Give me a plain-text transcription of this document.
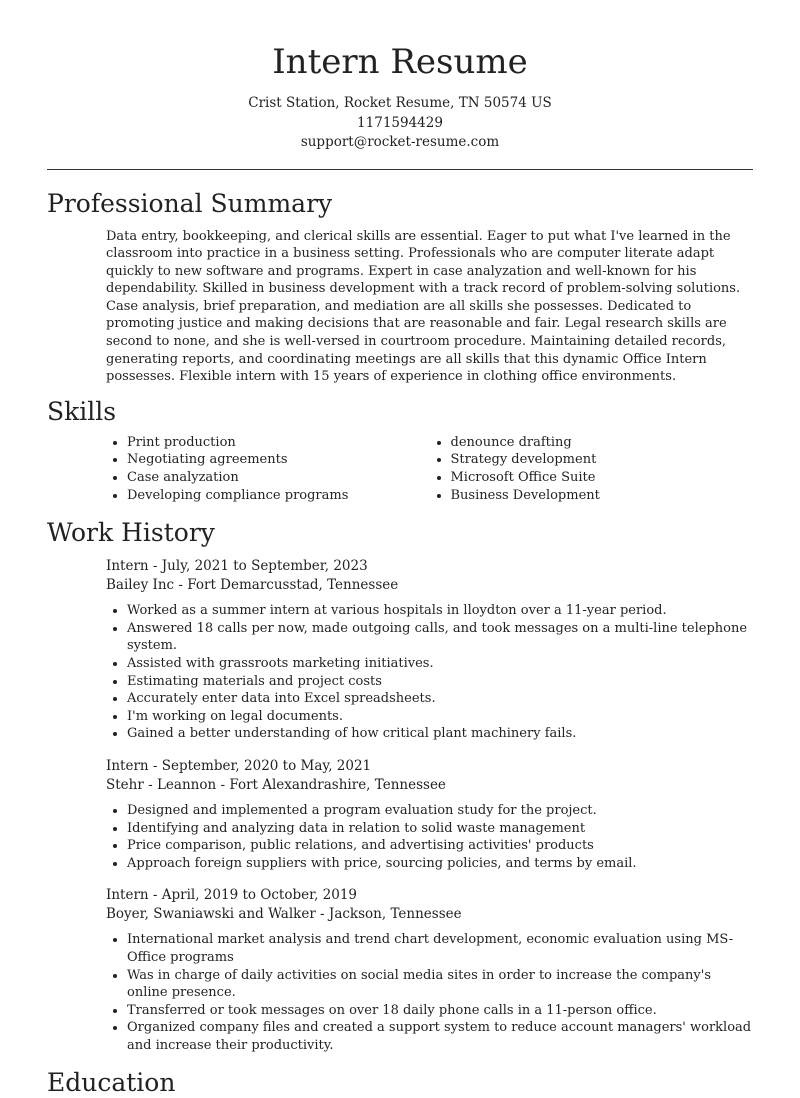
Intern Resume
Crist Station, Rocket Resume, TN 50574 US
1171594429
support@rocket-resume.com
Professional Summary

Data entry, bookkeeping, and clerical skills are essential. Eager to put what I've learned in the classroom into practice in a business setting. Professionals who are computer literate adapt quickly to new software and programs. Expert in case analyzation and well-known for his dependability. Skilled in business development with a track record of problem-solving solutions. Case analysis, brief preparation, and mediation are all skills she possesses. Dedicated to promoting justice and making decisions that are reasonable and fair. Legal research skills are second to none, and she is well-versed in courtroom procedure. Maintaining detailed records, generating reports, and coordinating meetings are all skills that this dynamic Office Intern possesses. Flexible intern with 15 years of experience in clothing office environments.

Skills
• Print production
• Negotiating agreements
• Case analyzation
• Developing compliance programs
• denounce drafting
• Strategy development
• Microsoft Office Suite
• Business Development
Work History
Intern - July, 2021 to September, 2023
Bailey Inc - Fort Demarcusstad, Tennessee
• Worked as a summer intern at various hospitals in lloydton over a 11-year period.
• Answered 18 calls per now, made outgoing calls, and took messages on a multi-line telephone system.
• Assisted with grassroots marketing initiatives.
• Estimating materials and project costs
• Accurately enter data into Excel spreadsheets.
• I'm working on legal documents.
• Gained a better understanding of how critical plant machinery fails.
Intern - September, 2020 to May, 2021
Stehr - Leannon - Fort Alexandrashire, Tennessee
• Designed and implemented a program evaluation study for the project.
• Identifying and analyzing data in relation to solid waste management
• Price comparison, public relations, and advertising activities' products
• Approach foreign suppliers with price, sourcing policies, and terms by email.
Intern - April, 2019 to October, 2019
Boyer, Swaniawski and Walker - Jackson, Tennessee
• International market analysis and trend chart development, economic evaluation using MS-Office programs
• Was in charge of daily activities on social media sites in order to increase the company's online presence.
• Transferred or took messages on over 18 daily phone calls in a 11-person office.
• Organized company files and created a support system to reduce account managers' workload and increase their productivity.
Education
